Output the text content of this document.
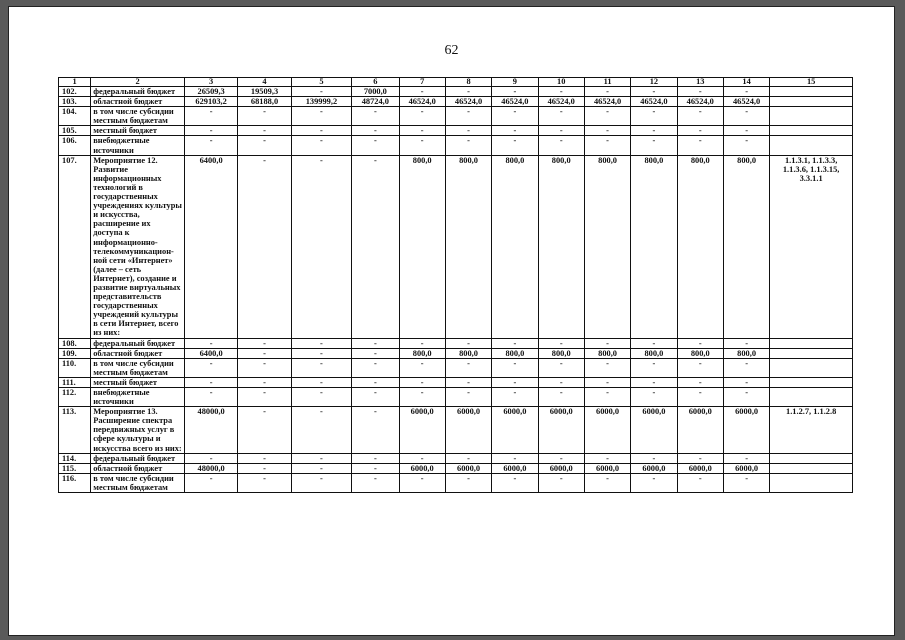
62
1	2	3	4	5	6	7	8	9	10	11	12	13	14	15
102.	федеральный бюджет	26509,3	19509,3	-	7000,0	-	-	-	-	-	-	-	-	
103.	областной бюджет	629103,2	68188,0	139999,2	48724,0	46524,0	46524,0	46524,0	46524,0	46524,0	46524,0	46524,0	46524,0	
104.	в том числе субсидии местным бюджетам	-	-	-	-	-	-	-	-	-	-	-	-	
105.	местный бюджет	-	-	-	-	-	-	-	-	-	-	-	-	
106.	внебюджетные источники	-	-	-	-	-	-	-	-	-	-	-	-	
107.	Мероприятие 12. Развитие информационных технологий в государственных учреждениях культуры и искусства, расширение их доступа к информационно-телекоммуникацион-ной сети «Интернет» (далее – сеть Интернет), создание и развитие виртуальных представительств государственных учреждений культуры в сети Интернет, всего из них:	6400,0	-	-	-	800,0	800,0	800,0	800,0	800,0	800,0	800,0	800,0	1.1.3.1, 1.1.3.3, 1.1.3.6, 1.1.3.15, 3.3.1.1
108.	федеральный бюджет	-	-	-	-	-	-	-	-	-	-	-	-	
109.	областной бюджет	6400,0	-	-	-	800,0	800,0	800,0	800,0	800,0	800,0	800,0	800,0	
110.	в том числе субсидии местным бюджетам	-	-	-	-	-	-	-	-	-	-	-	-	
111.	местный бюджет	-	-	-	-	-	-	-	-	-	-	-	-	
112.	внебюджетные источники	-	-	-	-	-	-	-	-	-	-	-	-	
113.	Мероприятие 13. Расширение спектра передвижных услуг в сфере культуры и искусства всего из них:	48000,0	-	-	-	6000,0	6000,0	6000,0	6000,0	6000,0	6000,0	6000,0	6000,0	1.1.2.7, 1.1.2.8
114.	федеральный бюджет	-	-	-	-	-	-	-	-	-	-	-	-	
115.	областной бюджет	48000,0	-	-	-	6000,0	6000,0	6000,0	6000,0	6000,0	6000,0	6000,0	6000,0	
116.	в том числе субсидии местным бюджетам	-	-	-	-	-	-	-	-	-	-	-	-	
